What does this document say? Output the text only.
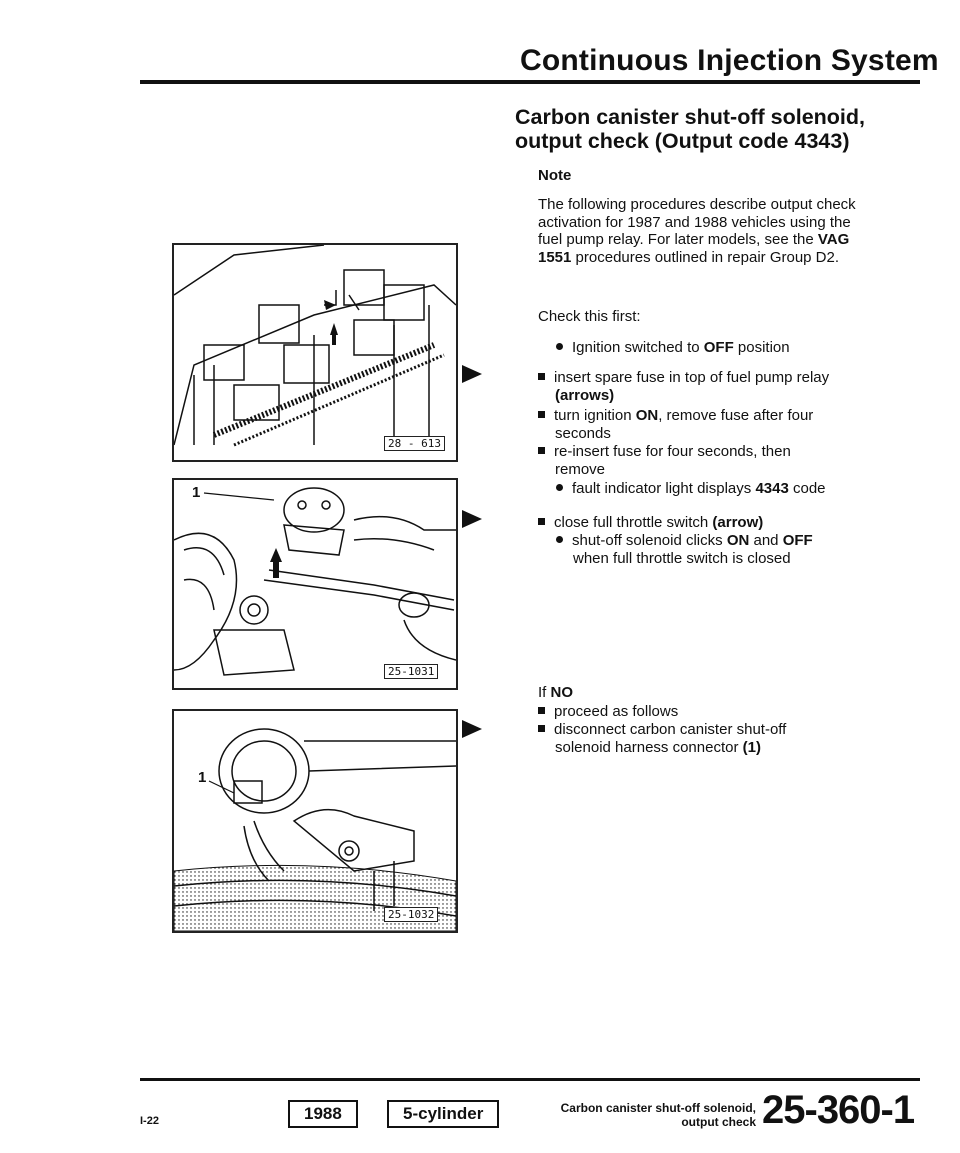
Continuous Injection System
Carbon canister shut-off solenoid,
output check (Output code 4343)
Note
The following procedures describe output check activation for 1987 and 1988 vehicles using the fuel pump relay. For later models, see the VAG 1551 procedures outlined in repair Group D2.
Check this first:
Ignition switched to OFF position
insert spare fuse in top of fuel pump relay
(arrows)
turn ignition ON, remove fuse after four
seconds
re-insert fuse for four seconds, then
remove
fault indicator light displays 4343 code
close full throttle switch (arrow)
shut-off solenoid clicks ON and OFF
when full throttle switch is closed
If NO
proceed as follows
disconnect carbon canister shut-off
solenoid harness connector (1)
28 - 613
1
25-1031
1
25-1032
I-22	1988	5-cylinder	Carbon canister shut-off solenoid,
output check 25-360-1
